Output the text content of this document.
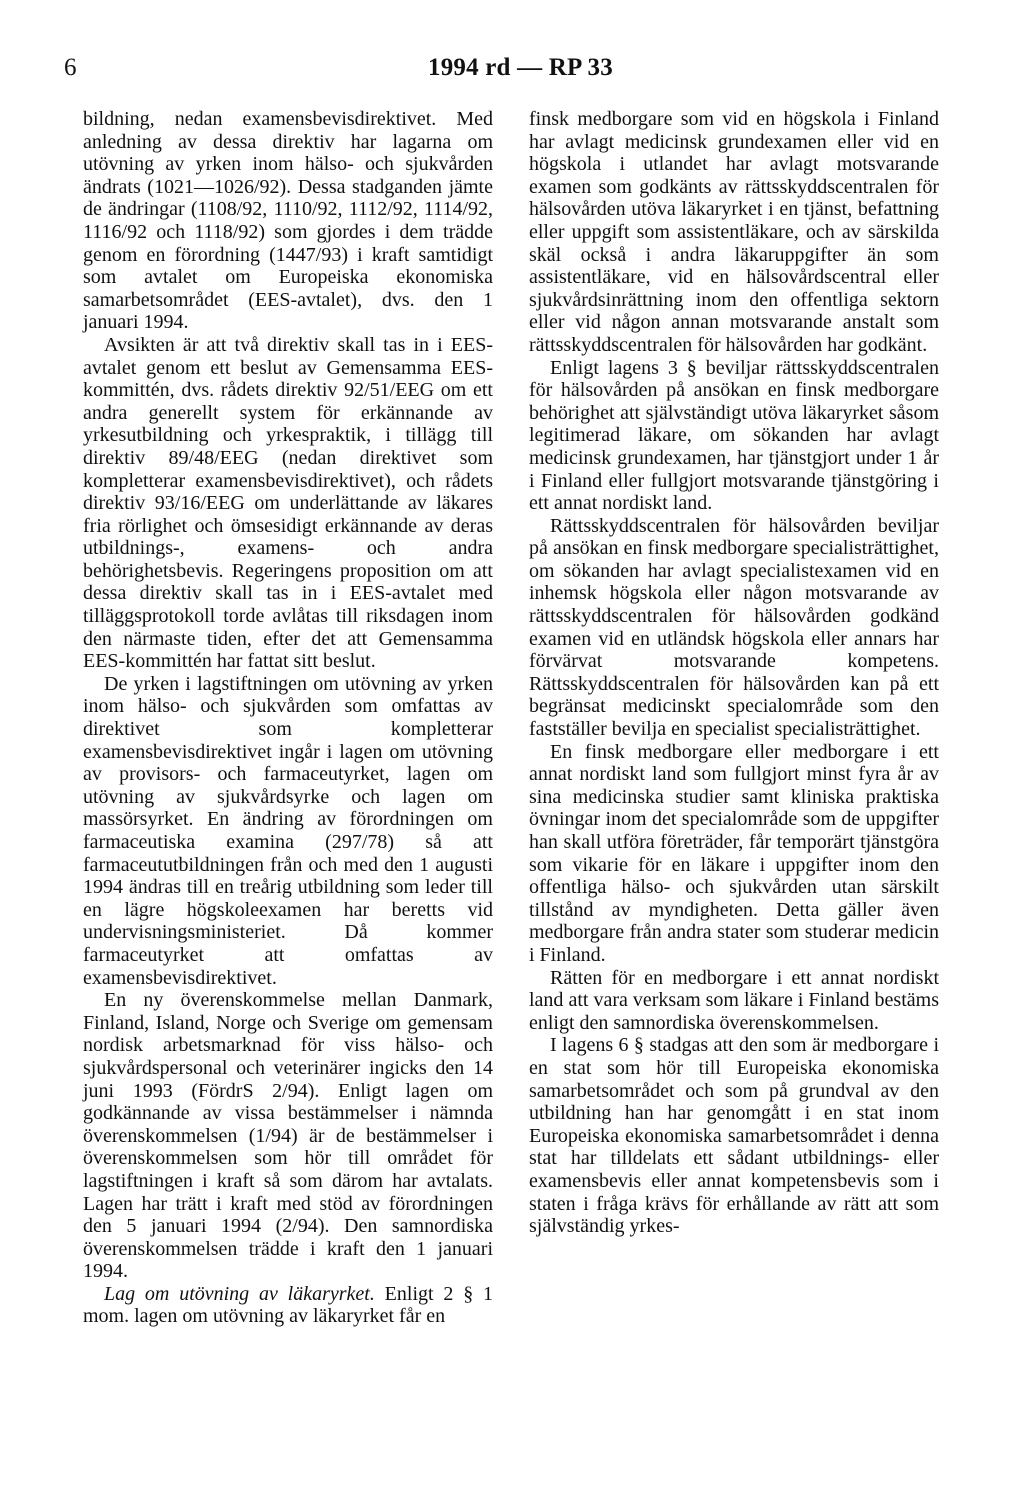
6	1994 rd — RP 33

bildning, nedan examensbevisdirektivet. Med anledning av dessa direktiv har lagarna om utövning av yrken inom hälso- och sjukvården ändrats (1021—1026/92). Dessa stadganden jämte de ändringar (1108/92, 1110/92, 1112/92, 1114/92, 1116/92 och 1118/92) som gjordes i dem trädde genom en förordning (1447/93) i kraft samtidigt som avtalet om Europeiska ekonomiska samarbetsområdet (EES-avtalet), dvs. den 1 januari 1994.

Avsikten är att två direktiv skall tas in i EES-avtalet genom ett beslut av Gemensamma EES-kommittén, dvs. rådets direktiv 92/51/EEG om ett andra generellt system för erkännande av yrkesutbildning och yrkespraktik, i tillägg till direktiv 89/48/EEG (nedan direktivet som kompletterar examensbevisdirektivet), och rådets direktiv 93/16/EEG om underlättande av läkares fria rörlighet och ömsesidigt erkännande av deras utbildnings-, examens- och andra behörighetsbevis. Regeringens proposition om att dessa direktiv skall tas in i EES-avtalet med tilläggsprotokoll torde avlåtas till riksdagen inom den närmaste tiden, efter det att Gemensamma EES-kommittén har fattat sitt beslut.

De yrken i lagstiftningen om utövning av yrken inom hälso- och sjukvården som omfattas av direktivet som kompletterar examensbevisdirektivet ingår i lagen om utövning av provisors- och farmaceutyrket, lagen om utövning av sjukvårdsyrke och lagen om massörsyrket. En ändring av förordningen om farmaceutiska examina (297/78) så att farmaceututbildningen från och med den 1 augusti 1994 ändras till en treårig utbildning som leder till en lägre högskoleexamen har beretts vid undervisningsministeriet. Då kommer farmaceutyrket att omfattas av examensbevisdirektivet.

En ny överenskommelse mellan Danmark, Finland, Island, Norge och Sverige om gemensam nordisk arbetsmarknad för viss hälso- och sjukvårdspersonal och veterinärer ingicks den 14 juni 1993 (FördrS 2/94). Enligt lagen om godkännande av vissa bestämmelser i nämnda överenskommelsen (1/94) är de bestämmelser i överenskommelsen som hör till området för lagstiftningen i kraft så som därom har avtalats. Lagen har trätt i kraft med stöd av förordningen den 5 januari 1994 (2/94). Den samnordiska överenskommelsen trädde i kraft den 1 januari 1994.

Lag om utövning av läkaryrket. Enligt 2 § 1 mom. lagen om utövning av läkaryrket får en

finsk medborgare som vid en högskola i Finland har avlagt medicinsk grundexamen eller vid en högskola i utlandet har avlagt motsvarande examen som godkänts av rättsskyddscentralen för hälsovården utöva läkaryrket i en tjänst, befattning eller uppgift som assistentläkare, och av särskilda skäl också i andra läkaruppgifter än som assistentläkare, vid en hälsovårdscentral eller sjukvårdsinrättning inom den offentliga sektorn eller vid någon annan motsvarande anstalt som rättsskyddscentralen för hälsovården har godkänt.

Enligt lagens 3 § beviljar rättsskyddscentralen för hälsovården på ansökan en finsk medborgare behörighet att självständigt utöva läkaryrket såsom legitimerad läkare, om sökanden har avlagt medicinsk grundexamen, har tjänstgjort under 1 år i Finland eller fullgjort motsvarande tjänstgöring i ett annat nordiskt land.

Rättsskyddscentralen för hälsovården beviljar på ansökan en finsk medborgare specialisträttighet, om sökanden har avlagt specialistexamen vid en inhemsk högskola eller någon motsvarande av rättsskyddscentralen för hälsovården godkänd examen vid en utländsk högskola eller annars har förvärvat motsvarande kompetens. Rättsskyddscentralen för hälsovården kan på ett begränsat medicinskt specialområde som den fastställer bevilja en specialist specialisträttighet.

En finsk medborgare eller medborgare i ett annat nordiskt land som fullgjort minst fyra år av sina medicinska studier samt kliniska praktiska övningar inom det specialområde som de uppgifter han skall utföra företräder, får temporärt tjänstgöra som vikarie för en läkare i uppgifter inom den offentliga hälso- och sjukvården utan särskilt tillstånd av myndigheten. Detta gäller även medborgare från andra stater som studerar medicin i Finland.

Rätten för en medborgare i ett annat nordiskt land att vara verksam som läkare i Finland bestäms enligt den samnordiska överenskommelsen.

I lagens 6 § stadgas att den som är medborgare i en stat som hör till Europeiska ekonomiska samarbetsområdet och som på grundval av den utbildning han har genomgått i en stat inom Europeiska ekonomiska samarbetsområdet i denna stat har tilldelats ett sådant utbildnings- eller examensbevis eller annat kompetensbevis som i staten i fråga krävs för erhållande av rätt att som självständig yrkes-
